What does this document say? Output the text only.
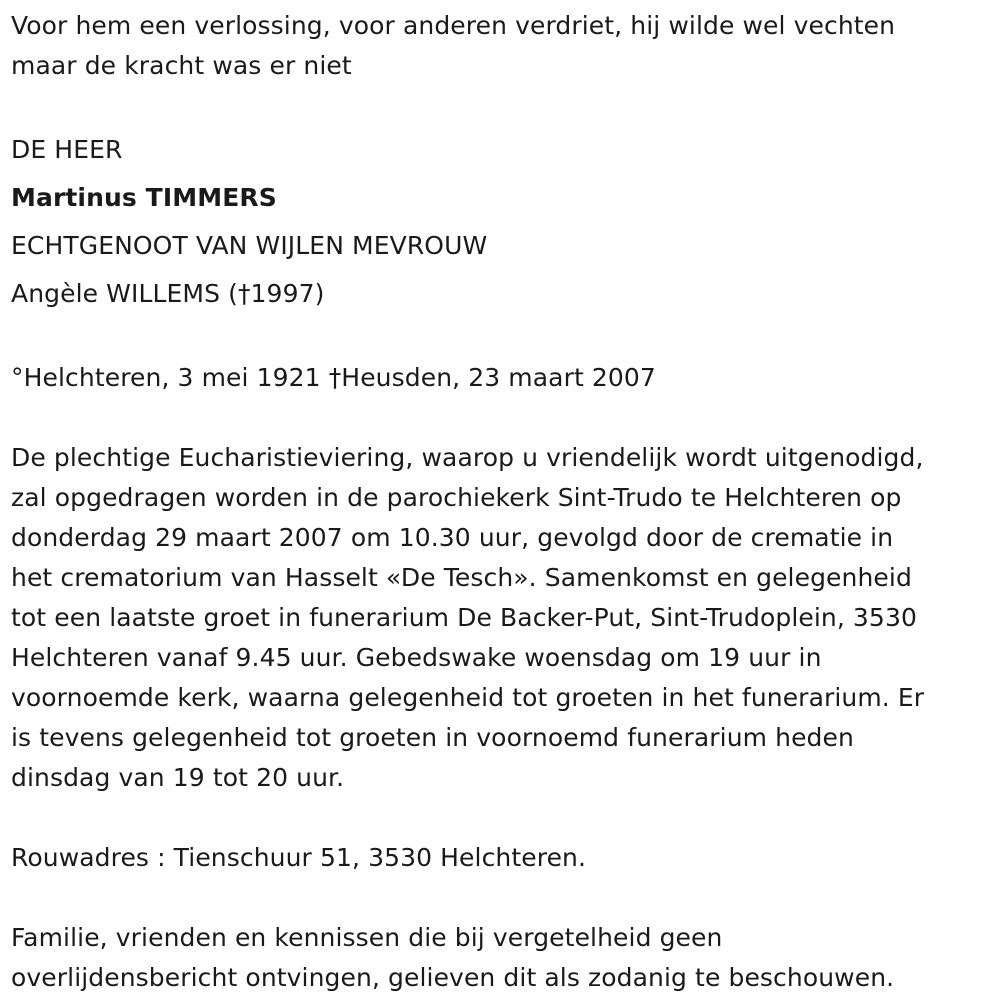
Voor hem een verlossing, voor anderen verdriet, hij wilde wel vechten

maar de kracht was er niet

DE HEER

Martinus TIMMERS

ECHTGENOOT VAN WIJLEN MEVROUW

Angèle WILLEMS (†1997)

°Helchteren, 3 mei 1921 †Heusden, 23 maart 2007

De plechtige Eucharistieviering, waarop u vriendelijk wordt uitgenodigd,

zal opgedragen worden in de parochiekerk Sint-Trudo te Helchteren op

donderdag 29 maart 2007 om 10.30 uur, gevolgd door de crematie in

het crematorium van Hasselt «De Tesch». Samenkomst en gelegenheid

tot een laatste groet in funerarium De Backer-Put, Sint-Trudoplein, 3530

Helchteren vanaf 9.45 uur. Gebedswake woensdag om 19 uur in

voornoemde kerk, waarna gelegenheid tot groeten in het funerarium. Er

is tevens gelegenheid tot groeten in voornoemd funerarium heden

dinsdag van 19 tot 20 uur.

Rouwadres : Tienschuur 51, 3530 Helchteren.

Familie, vrienden en kennissen die bij vergetelheid geen

overlijdensbericht ontvingen, gelieven dit als zodanig te beschouwen.
